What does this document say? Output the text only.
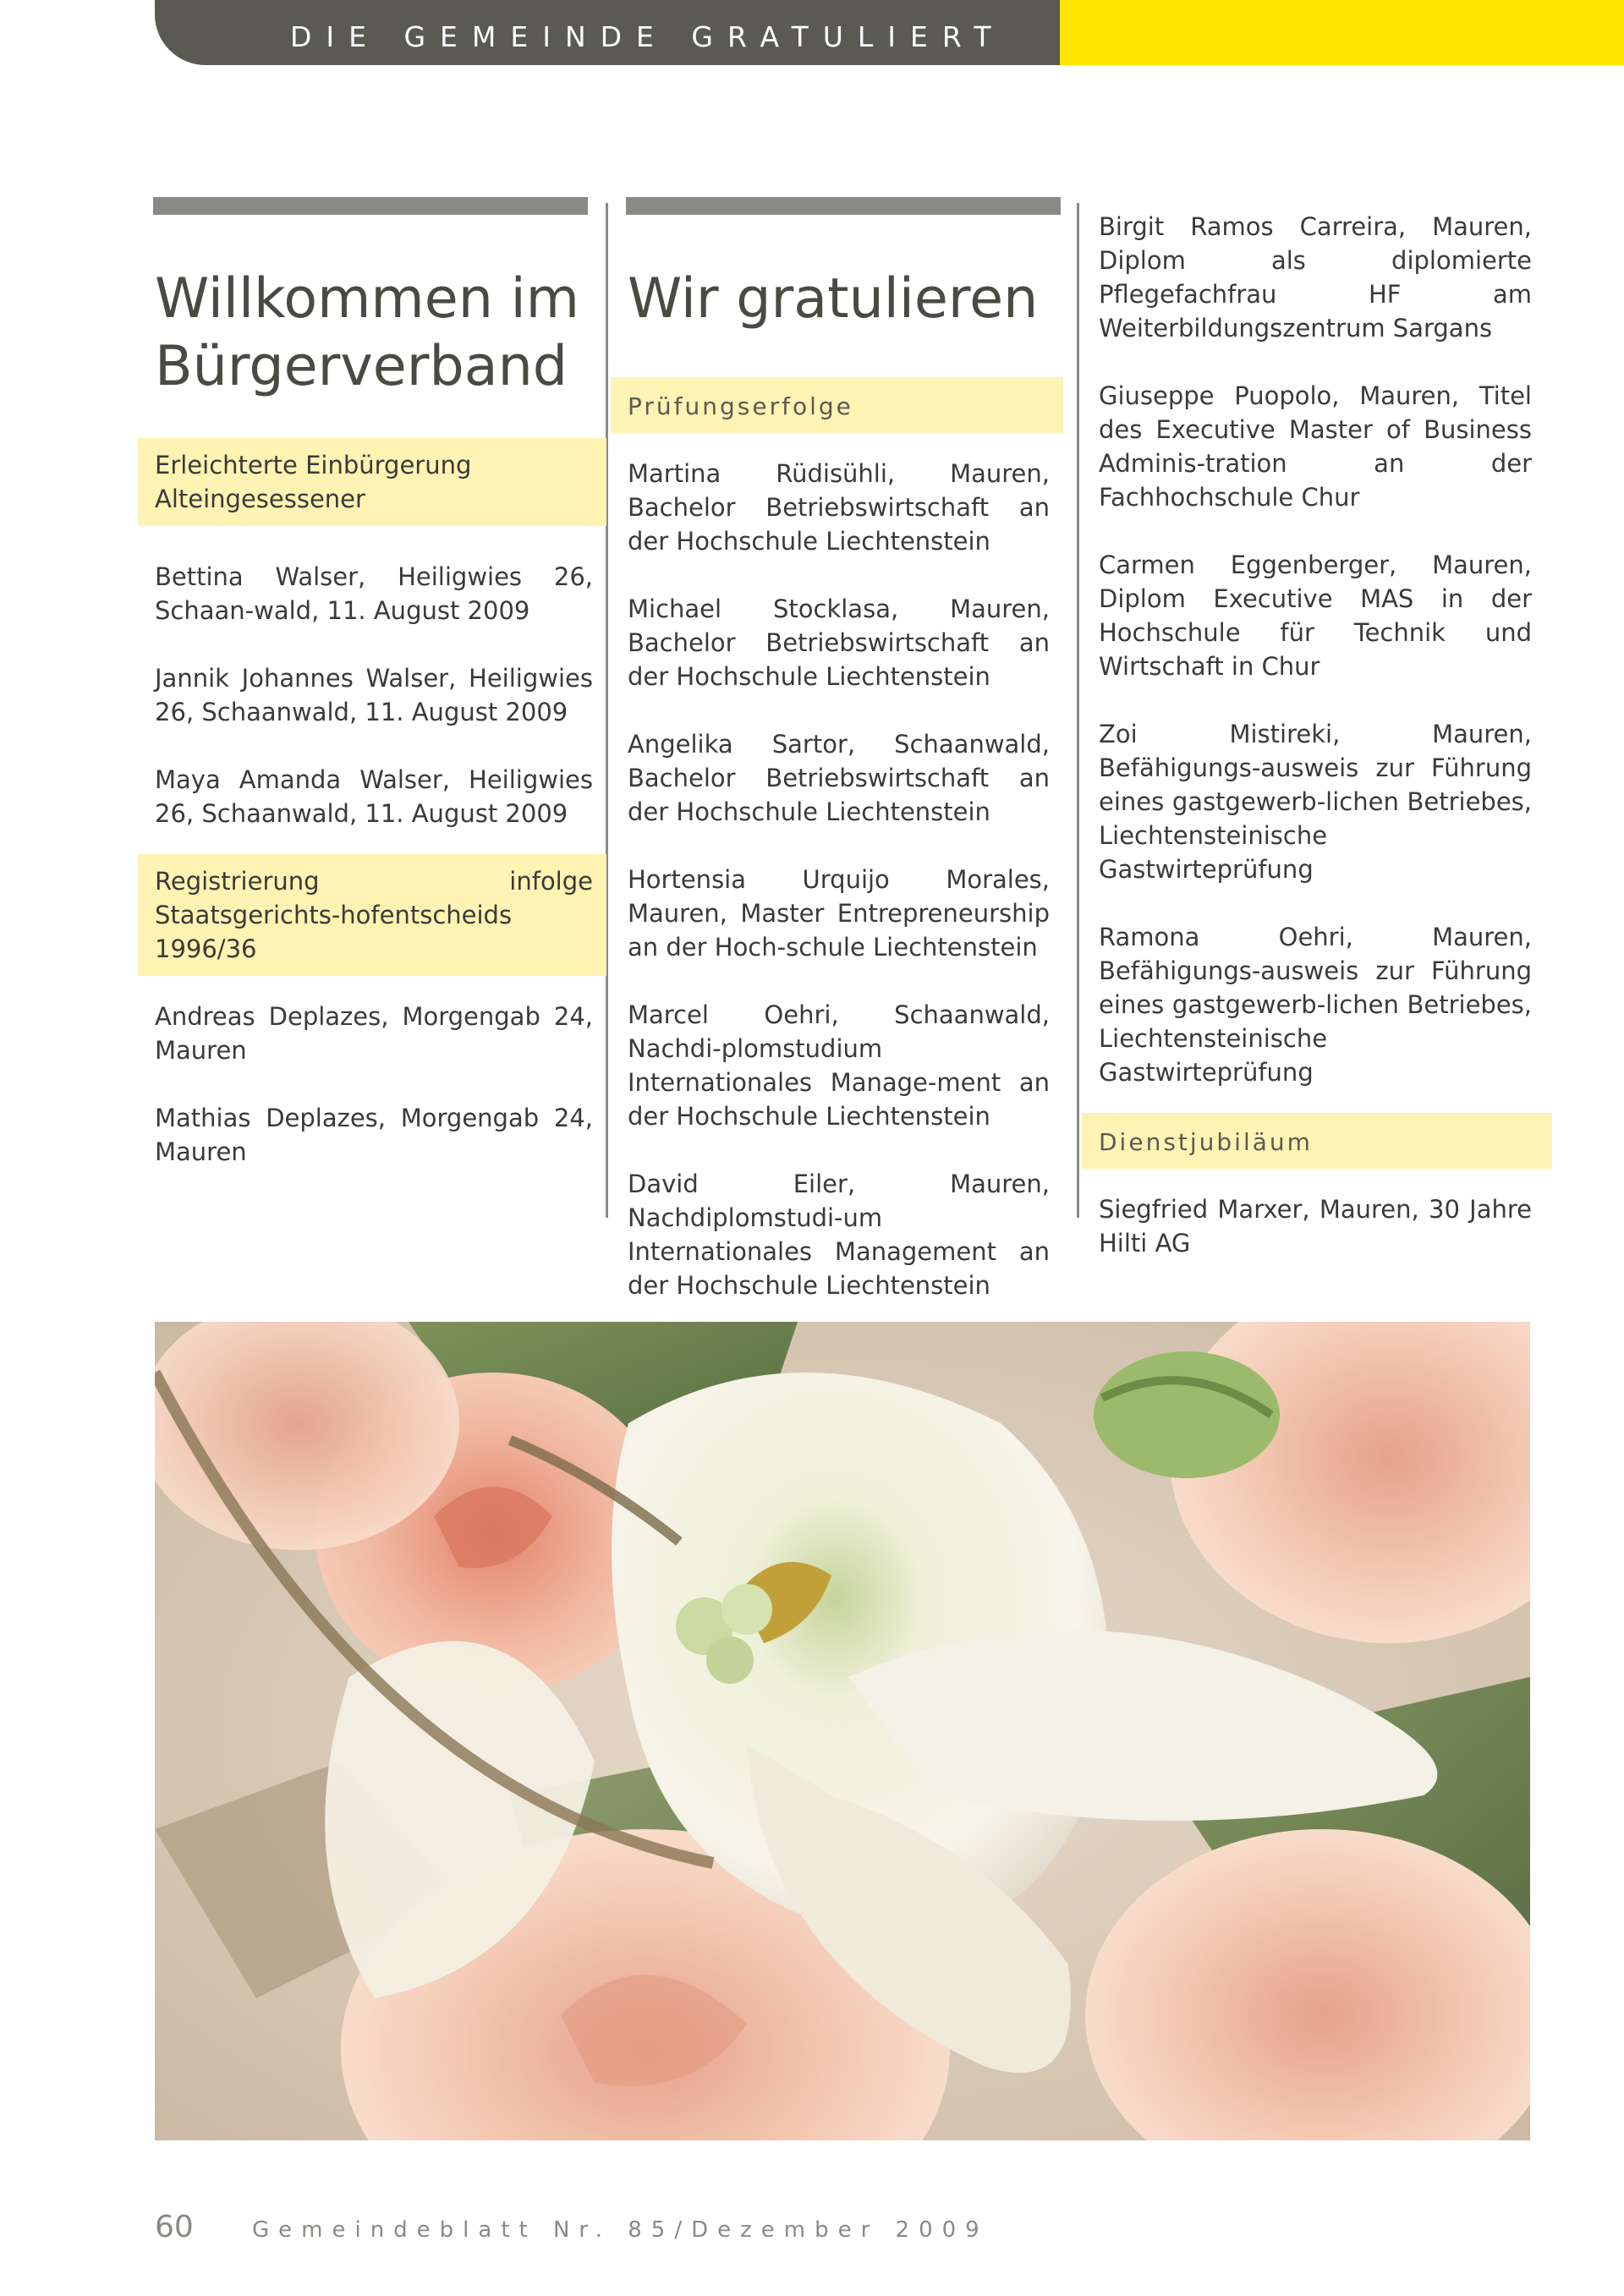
DIE GEMEINDE GRATULIERT
Willkommen im
Bürgerverband
Erleichterte Einbürgerung
Alteingesessener

Bettina Walser, Heiligwies 26, Schaan-wald, 11. August 2009

Jannik Johannes Walser, Heiligwies 26, Schaanwald, 11. August 2009

Maya Amanda Walser, Heiligwies 26, Schaanwald, 11. August 2009

Registrierung infolge Staatsgerichts-hofentscheids 1996/36

Andreas Deplazes, Morgengab 24, Mauren

Mathias Deplazes, Morgengab 24, Mauren

Wir gratulieren
Prüfungserfolge

Martina Rüdisühli, Mauren, Bachelor Betriebswirtschaft an der Hochschule Liechtenstein

Michael Stocklasa, Mauren, Bachelor Betriebswirtschaft an der Hochschule Liechtenstein

Angelika Sartor, Schaanwald, Bachelor Betriebswirtschaft an der Hochschule Liechtenstein

Hortensia Urquijo Morales, Mauren, Master Entrepreneurship an der Hoch-schule Liechtenstein

Marcel Oehri, Schaanwald, Nachdi-plomstudium Internationales Manage-ment an der Hochschule Liechtenstein

David Eiler, Mauren, Nachdiplomstudi-um Internationales Management an der Hochschule Liechtenstein

Birgit Ramos Carreira, Mauren, Diplom als diplomierte Pflegefachfrau HF am Weiterbildungszentrum Sargans

Giuseppe Puopolo, Mauren, Titel des Executive Master of Business Adminis-tration an der Fachhochschule Chur

Carmen Eggenberger, Mauren, Diplom Executive MAS in der Hochschule für Technik und Wirtschaft in Chur

Zoi Mistireki, Mauren, Befähigungs-ausweis zur Führung eines gastgewerb-lichen Betriebes, Liechtensteinische Gastwirteprüfung

Ramona Oehri, Mauren, Befähigungs-ausweis zur Führung eines gastgewerb-lichen Betriebes, Liechtensteinische Gastwirteprüfung

Dienstjubiläum

Siegfried Marxer, Mauren, 30 Jahre Hilti AG

60	Gemeindeblatt Nr. 85/Dezember 2009
